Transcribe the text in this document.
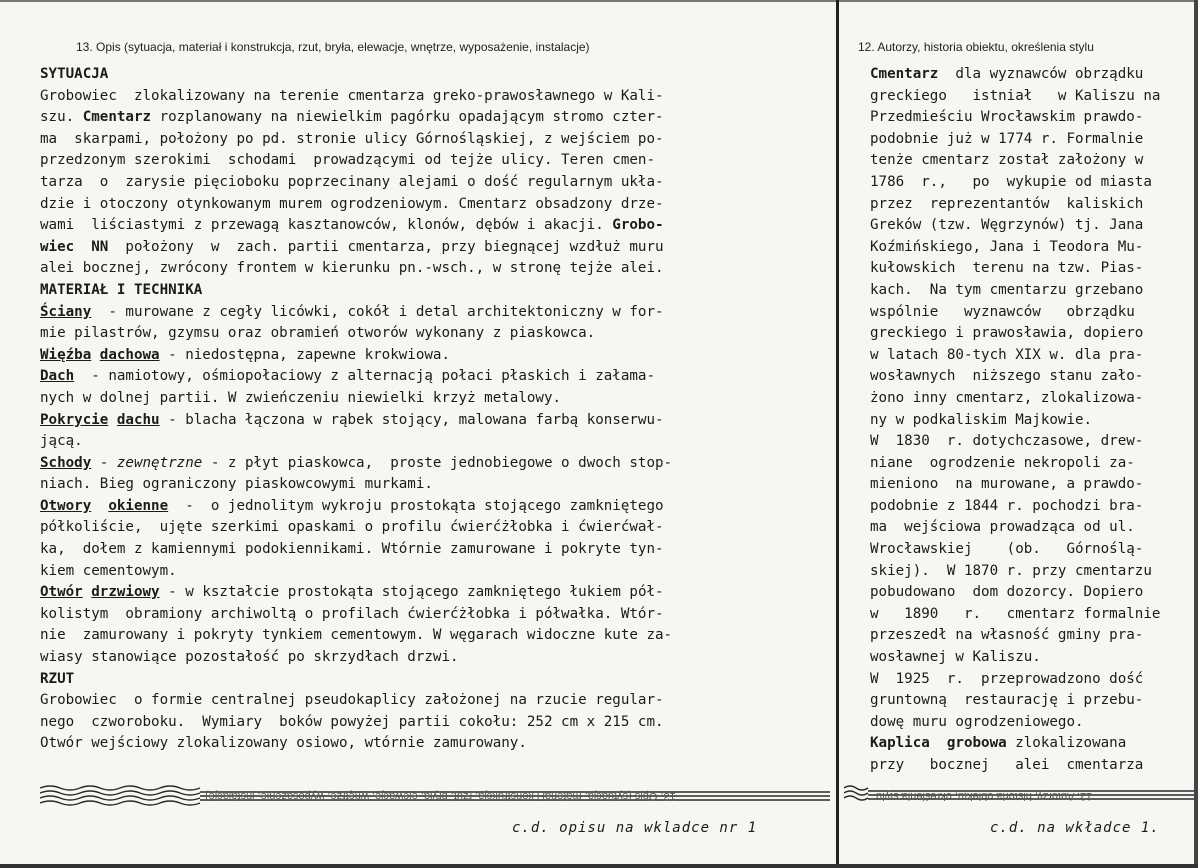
13. Opis (sytuacja, materiał i konstrukcja, rzut, bryła, elewacje, wnętrze, wyposażenie, instalacje)	12. Autorzy, historia obiektu, określenia stylu
SYTUACJA
Grobowiec  zlokalizowany na terenie cmentarza greko-prawosławnego w Kali-
szu. Cmentarz rozplanowany na niewielkim pagórku opadającym stromo czter-
ma  skarpami, położony po pd. stronie ulicy Górnośląskiej, z wejściem po-
przedzonym szerokimi  schodami  prowadzącymi od tejże ulicy. Teren cmen-
tarza  o  zarysie pięcioboku poprzecinany alejami o dość regularnym ukła-
dzie i otoczony otynkowanym murem ogrodzeniowym. Cmentarz obsadzony drze-
wami  liściastymi z przewagą kasztanowców, klonów, dębów i akacji. Grobo-
wiec  NN  położony  w  zach. partii cmentarza, przy biegnącej wzdłuż muru
alei bocznej, zwrócony frontem w kierunku pn.-wsch., w stronę tejże alei.
MATERIAŁ I TECHNIKA
Ściany  - murowane z cegły licówki, cokół i detal architektoniczny w for-
mie pilastrów, gzymsu oraz obramień otworów wykonany z piaskowca.
Więźba dachowa - niedostępna, zapewne krokwiowa.
Dach  - namiotowy, ośmiopołaciowy z alternacją połaci płaskich i załama-
nych w dolnej partii. W zwieńczeniu niewielki krzyż metalowy.
Pokrycie dachu - blacha łączona w rąbek stojący, malowana farbą konserwu-
jącą.
Schody - zewnętrzne - z płyt piaskowca,  proste jednobiegowe o dwoch stop-
niach. Bieg ograniczony piaskowcowymi murkami.
Otwory okienne  -  o jednolitym wykroju prostokąta stojącego zamkniętego
półkoliście,  ujęte szerkimi opaskami o profilu ćwierćżłobka i ćwierćwał-
ka,  dołem z kamiennymi podokiennikami. Wtórnie zamurowane i pokryte tyn-
kiem cementowym.
Otwór drzwiowy - w kształcie prostokąta stojącego zamkniętego łukiem pół-
kolistym  obramiony archiwoltą o profilach ćwierćżłobka i półwałka. Wtór-
nie  zamurowany i pokryty tynkiem cementowym. W węgarach widoczne kute za-
wiasy stanowiące pozostałość po skrzydłach drzwi.
RZUT
Grobowiec  o formie centralnej pseudokaplicy założonej na rzucie regular-
nego  czworoboku.  Wymiary  boków powyżej partii cokołu: 252 cm x 215 cm.
Otwór wejściowy zlokalizowany osiowo, wtórnie zamurowany.
Cmentarz  dla wyznawców obrządku
greckiego   istniał   w Kaliszu na
Przedmieściu Wrocławskim prawdo-
podobnie już w 1774 r. Formalnie
tenże cmentarz został założony w
1786  r.,   po  wykupie od miasta
przez  reprezentantów  kaliskich
Greków (tzw. Węgrzynów) tj. Jana
Koźmińskiego, Jana i Teodora Mu-
kułowskich  terenu na tzw. Pias-
kach.  Na tym cmentarzu grzebano
wspólnie   wyznawców   obrządku
greckiego i prawosławia, dopiero
w latach 80-tych XIX w. dla pra-
wosławnych  niższego stanu zało-
żono inny cmentarz, zlokalizowa-
ny w podkaliskim Majkowie.
W  1830  r. dotychczasowe, drew-
niane  ogrodzenie nekropoli za-
mieniono  na murowane, a prawdo-
podobnie z 1844 r. pochodzi bra-
ma  wejściowa prowadząca od ul.
Wrocławskiej    (ob.   Górnoślą-
skiej).  W 1870 r. przy cmentarzu
pobudowano  dom dozorcy. Dopiero
w   1890   r.   cmentarz formalnie
przeszedł na własność gminy pra-
wosławnej w Kaliszu.
W  1925  r.  przeprowadzono dość
gruntowną  restaurację i przebu-
dowę muru ogrodzeniowego.
Kaplica grobowa zlokalizowana
przy   bocznej   alei  cmentarza
13. Opis (sytuacja, materiał i konstrukcja, rzut, bryła, elewacje, wnętrze, wyposażenie, instalacje)	12. Autorzy, historia obiektu, określenia stylu
c.d. opisu na wkladce nr 1	c.d. na wkładce 1.
